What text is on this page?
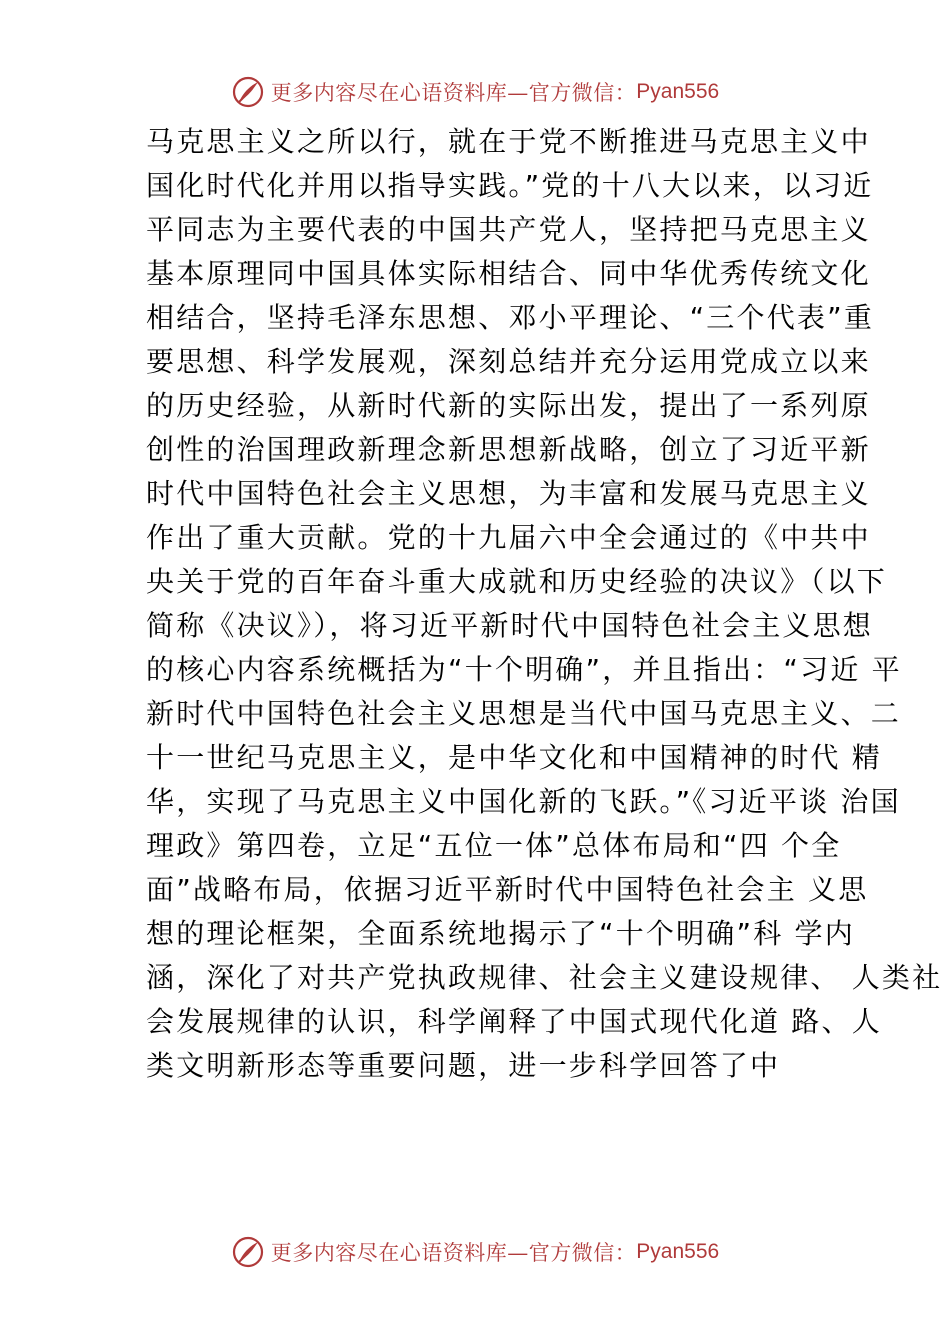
更多内容尽在心语资料库—官方微信： Pyan556
马克思主义之所以行，就在于党不断推进马克思主义中
国化时代化并用以指导实践。”党的十八大以来，以习近
平同志为主要代表的中国共产党人，坚持把马克思主义
基本原理同中国具体实际相结合、同中华优秀传统文化
相结合，坚持毛泽东思想、邓小平理论、“三个代表”重
要思想、科学发展观，深刻总结并充分运用党成立以来
的历史经验，从新时代新的实际出发，提出了一系列原
创性的治国理政新理念新思想新战略，创立了习近平新
时代中国特色社会主义思想，为丰富和发展马克思主义
作出了重大贡献。党的十九届六中全会通过的《中共中
央关于党的百年奋斗重大成就和历史经验的决议》（以下
简称《决议》），将习近平新时代中国特色社会主义思想
的核心内容系统概括为“十个明确”，并且指出：“习近 平
新时代中国特色社会主义思想是当代中国马克思主义、二
十一世纪马克思主义，是中华文化和中国精神的时代 精
华，实现了马克思主义中国化新的飞跃。”《习近平谈 治国
理政》第四卷，立足“五位一体”总体布局和“四 个全
面”战略布局，依据习近平新时代中国特色社会主 义思
想的理论框架，全面系统地揭示了“十个明确”科 学内
涵，深化了对共产党执政规律、社会主义建设规律、 人类社
会发展规律的认识，科学阐释了中国式现代化道 路、人
类文明新形态等重要问题，进一步科学回答了中
更多内容尽在心语资料库—官方微信： Pyan556
